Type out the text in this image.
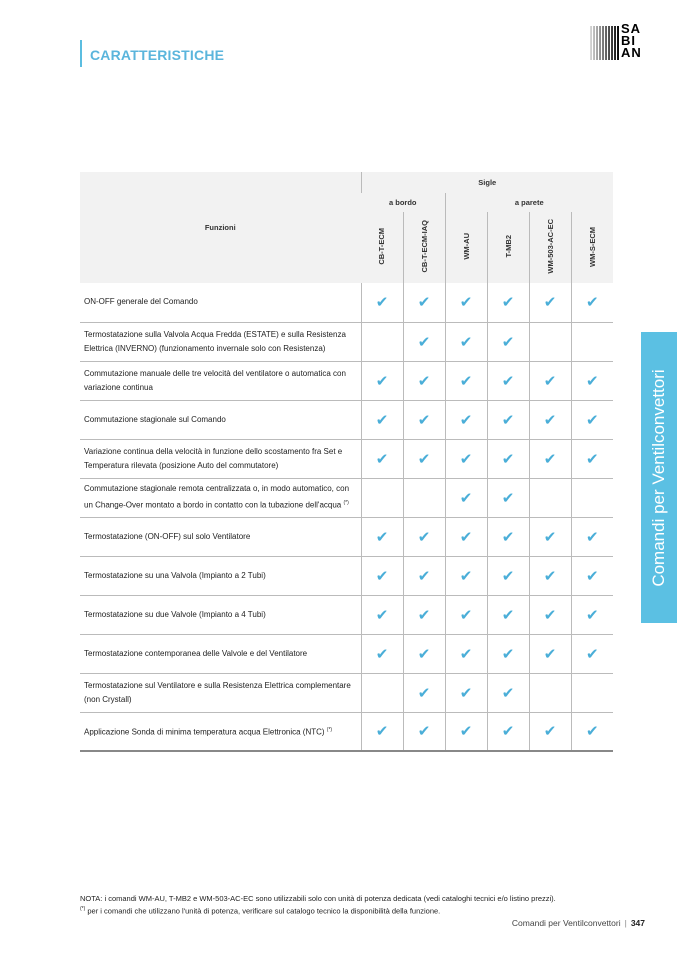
CARATTERISTICHE
SA
BI
AN

Funzioni	Sigle					
	a bordo		a parete			
	CB-T-ECM	CB-T-ECM-IAQ	WM-AU	T-MB2	WM-503-AC-EC	WM-S-ECM
ON-OFF generale del Comando	✔	✔	✔	✔	✔	✔
Termostatazione sulla Valvola Acqua Fredda (ESTATE) e sulla Resistenza Elettrica (INVERNO) (funzionamento invernale solo con Resistenza)		✔	✔	✔		
Commutazione manuale delle tre velocità del ventilatore o automatica con variazione continua	✔	✔	✔	✔	✔	✔
Commutazione stagionale sul Comando	✔	✔	✔	✔	✔	✔
Variazione continua della velocità in funzione dello scostamento fra Set e Temperatura rilevata (posizione Auto del commutatore)	✔	✔	✔	✔	✔	✔
Commutazione stagionale remota centralizzata o, in modo automatico, con un Change-Over montato a bordo in contatto con la tubazione dell'acqua (*)			✔	✔		
Termostatazione (ON-OFF) sul solo Ventilatore	✔	✔	✔	✔	✔	✔
Termostatazione su una Valvola (Impianto a 2 Tubi)	✔	✔	✔	✔	✔	✔
Termostatazione su due Valvole (Impianto a 4 Tubi)	✔	✔	✔	✔	✔	✔
Termostatazione contemporanea delle Valvole e del Ventilatore	✔	✔	✔	✔	✔	✔
Termostatazione sul Ventilatore e sulla Resistenza Elettrica complementare (non Crystall)		✔	✔	✔		
Applicazione Sonda di minima temperatura acqua Elettronica (NTC) (*)	✔	✔	✔	✔	✔	✔
Comandi per Ventilconvettori
NOTA: i comandi WM-AU, T-MB2 e WM-503-AC-EC sono utilizzabili solo con unità di potenza dedicata (vedi cataloghi tecnici e/o listino prezzi).
(*) per i comandi che utilizzano l'unità di potenza, verificare sul catalogo tecnico la disponibilità della funzione.
Comandi per Ventilconvettori | 347
